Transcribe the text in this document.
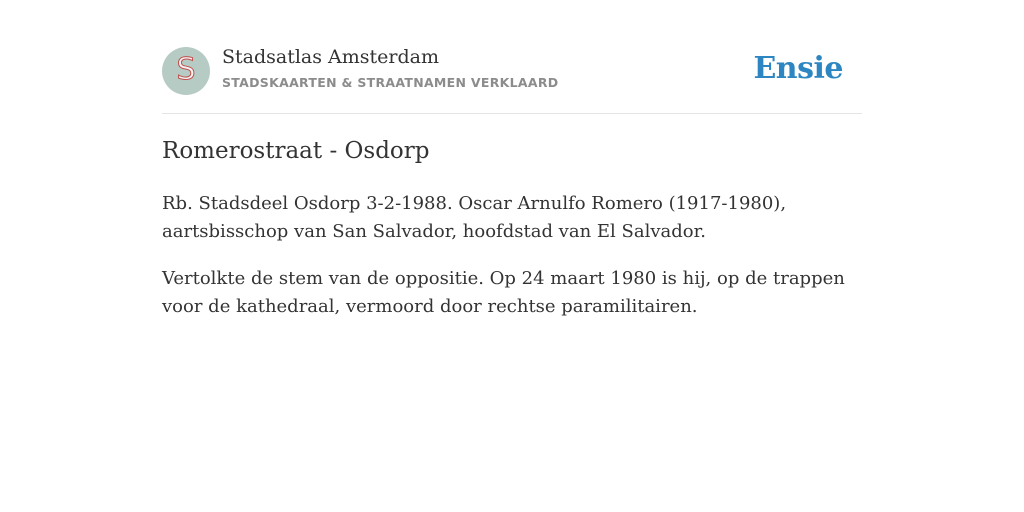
S Stadsatlas Amsterdam
STADSKAARTEN & STRAATNAMEN VERKLAARD	Ensie
Romerostraat - Osdorp

Rb. Stadsdeel Osdorp 3-2-1988. Oscar Arnulfo Romero (1917-1980), aartsbisschop van San Salvador, hoofdstad van El Salvador.

Vertolkte de stem van de oppositie. Op 24 maart 1980 is hij, op de trappen voor de kathedraal, vermoord door rechtse paramilitairen.
